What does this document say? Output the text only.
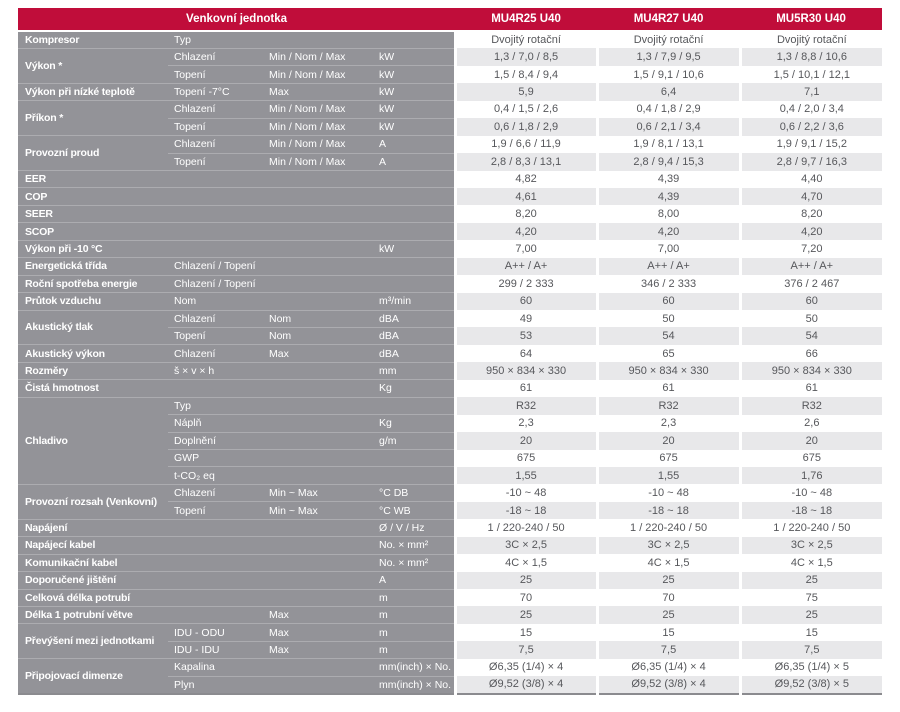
Venkovní jednotka				MU4R25 U40	MU4R27 U40	MU5R30 U40
Kompresor	Typ			Dvojitý rotační	Dvojitý rotační	Dvojitý rotační
Výkon *	Chlazení	Min / Nom / Max	kW	1,3 / 7,0 / 8,5	1,3 / 7,9 / 9,5	1,3 / 8,8 / 10,6
	Topení	Min / Nom / Max	kW	1,5 / 8,4 / 9,4	1,5 / 9,1 / 10,6	1,5 / 10,1 / 12,1
Výkon při nízké teplotě	Topení -7°C	Max	kW	5,9	6,4	7,1
Příkon *	Chlazení	Min / Nom / Max	kW	0,4 / 1,5 / 2,6	0,4 / 1,8 / 2,9	0,4 / 2,0 / 3,4
	Topení	Min / Nom / Max	kW	0,6 / 1,8 / 2,9	0,6 / 2,1 / 3,4	0,6 / 2,2 / 3,6
Provozní proud	Chlazení	Min / Nom / Max	A	1,9 / 6,6 / 11,9	1,9 / 8,1 / 13,1	1,9 / 9,1 / 15,2
	Topení	Min / Nom / Max	A	2,8 / 8,3 / 13,1	2,8 / 9,4 / 15,3	2,8 / 9,7 / 16,3
EER				4,82	4,39	4,40
COP				4,61	4,39	4,70
SEER				8,20	8,00	8,20
SCOP				4,20	4,20	4,20
Výkon při -10 °C			kW	7,00	7,00	7,20
Energetická třída	Chlazení / Topení			A++ / A+	A++ / A+	A++ / A+
Roční spotřeba energie	Chlazení / Topení			299 / 2 333	346 / 2 333	376 / 2 467
Průtok vzduchu	Nom		m³/min	60	60	60
Akustický tlak	Chlazení	Nom	dBA	49	50	50
	Topení	Nom	dBA	53	54	54
Akustický výkon	Chlazení	Max	dBA	64	65	66
Rozměry	š × v × h		mm	950 × 834 × 330	950 × 834 × 330	950 × 834 × 330
Čistá hmotnost			Kg	61	61	61
Chladivo	Typ			R32	R32	R32
	Náplň		Kg	2,3	2,3	2,6
	Doplnění		g/m	20	20	20
	GWP			675	675	675
	t-CO₂ eq			1,55	1,55	1,76
Provozní rozsah (Venkovní)	Chlazení	Min ~ Max	°C DB	-10 ~ 48	-10 ~ 48	-10 ~ 48
	Topení	Min ~ Max	°C WB	-18 ~ 18	-18 ~ 18	-18 ~ 18
Napájení			Ø / V / Hz	1 / 220-240 / 50	1 / 220-240 / 50	1 / 220-240 / 50
Napájecí kabel			No. × mm²	3C × 2,5	3C × 2,5	3C × 2,5
Komunikační kabel			No. × mm²	4C × 1,5	4C × 1,5	4C × 1,5
Doporučené jištění			A	25	25	25
Celková délka potrubí			m	70	70	75
Délka 1 potrubní větve		Max	m	25	25	25
Převýšení mezi jednotkami	IDU - ODU	Max	m	15	15	15
	IDU - IDU	Max	m	7,5	7,5	7,5
Připojovací dimenze	Kapalina		mm(inch) × No.	Ø6,35 (1/4) × 4	Ø6,35 (1/4) × 4	Ø6,35 (1/4) × 5
	Plyn		mm(inch) × No.	Ø9,52 (3/8) × 4	Ø9,52 (3/8) × 4	Ø9,52 (3/8) × 5
